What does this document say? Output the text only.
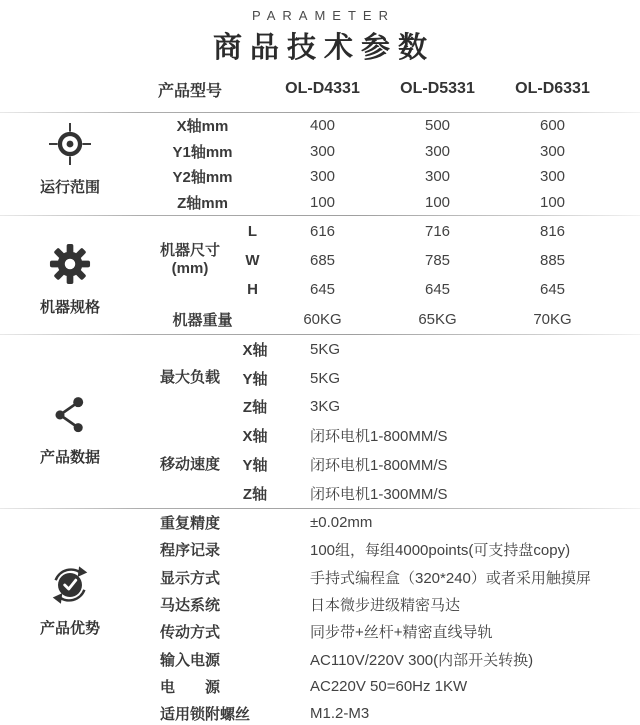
PARAMETER
商品技术参数
产品型号	OL-D4331	OL-D5331	OL-D6331
运行范围
X轴mm	400	500	600
Y1轴mm	300	300	300
Y2轴mm	300	300	300
Z轴mm	100	100	100
机器规格
机器尺寸
(mm)
L	616	716	816
W	685	785	885
H	645	645	645
机器重量	60KG	65KG	70KG
产品数据
最大负载
移动速度
X轴	5KG
Y轴	5KG
Z轴	3KG
X轴	闭环电机1-800MM/S
Y轴	闭环电机1-800MM/S
Z轴	闭环电机1-300MM/S
产品优势
重复精度	±0.02mm
程序记录	100组，每组4000points(可支持盘copy)
显示方式	手持式编程盒（320*240）或者采用触摸屏
马达系统	日本微步进级精密马达
传动方式	同步带+丝杆+精密直线导轨
输入电源	AC110V/220V 300(内部开关转换)
电　　源	AC220V 50=60Hz 1KW
适用锁附螺丝	M1.2-M3
